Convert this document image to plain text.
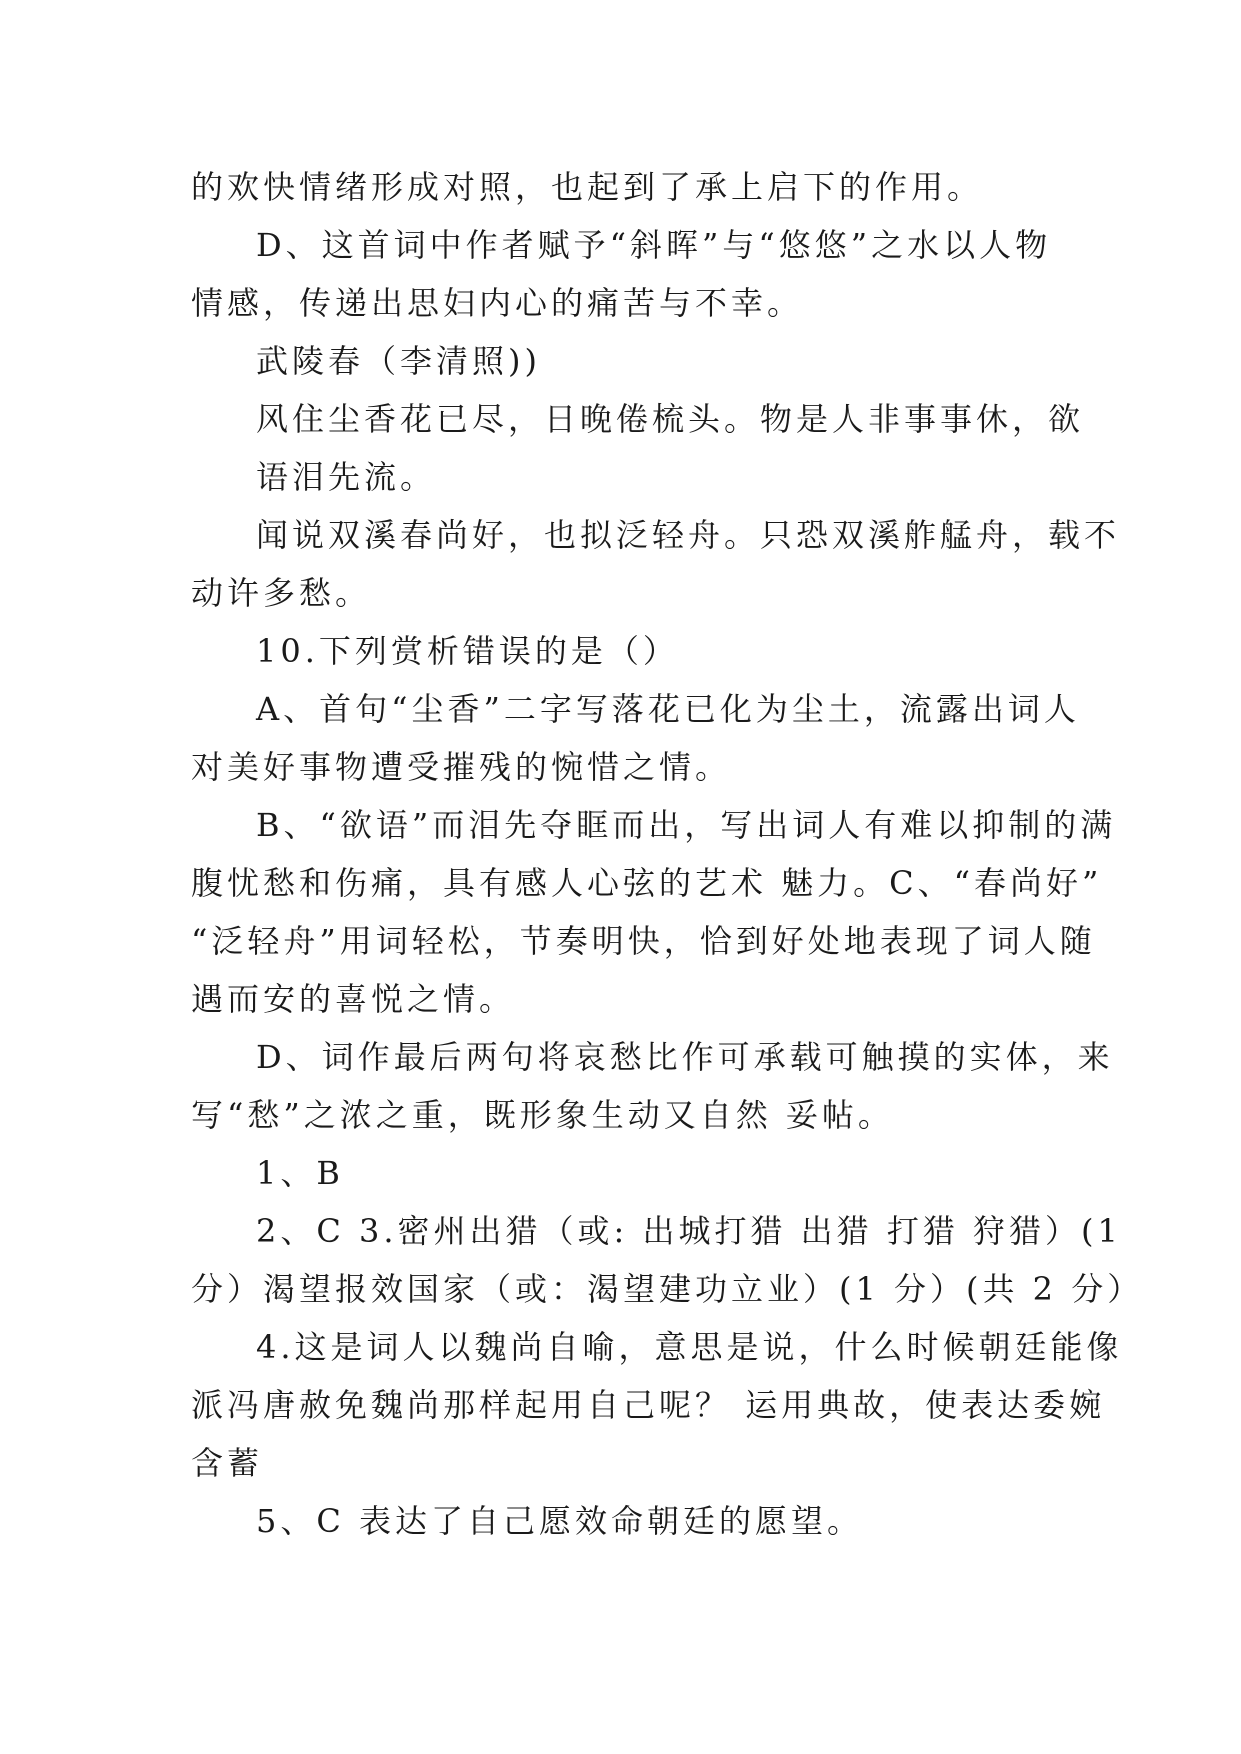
的欢快情绪形成对照，也起到了承上启下的作用。
D、这首词中作者赋予“斜晖”与“悠悠”之水以人物
情感，传递出思妇内心的痛苦与不幸。
武陵春（李清照))
风住尘香花已尽，日晚倦梳头。物是人非事事休，欲
语泪先流。
闻说双溪春尚好，也拟泛轻舟。只恐双溪舴艋舟，载不
动许多愁。
10.下列赏析错误的是（）
A、首句“尘香”二字写落花已化为尘土，流露出词人
对美好事物遭受摧残的惋惜之情。
B、“欲语”而泪先夺眶而出，写出词人有难以抑制的满
腹忧愁和伤痛，具有感人心弦的艺术 魅力。C、“春尚好”
“泛轻舟”用词轻松，节奏明快，恰到好处地表现了词人随
遇而安的喜悦之情。
D、词作最后两句将哀愁比作可承载可触摸的实体，来
写“愁”之浓之重，既形象生动又自然 妥帖。
1、B
2、C 3.密州出猎（或: 出城打猎 出猎 打猎 狩猎）(1
分）渴望报效国家（或：渴望建功立业）(1 分）(共 2 分）
4.这是词人以魏尚自喻，意思是说，什么时候朝廷能像
派冯唐赦免魏尚那样起用自己呢？ 运用典故，使表达委婉
含蓄
5、C 表达了自己愿效命朝廷的愿望。
